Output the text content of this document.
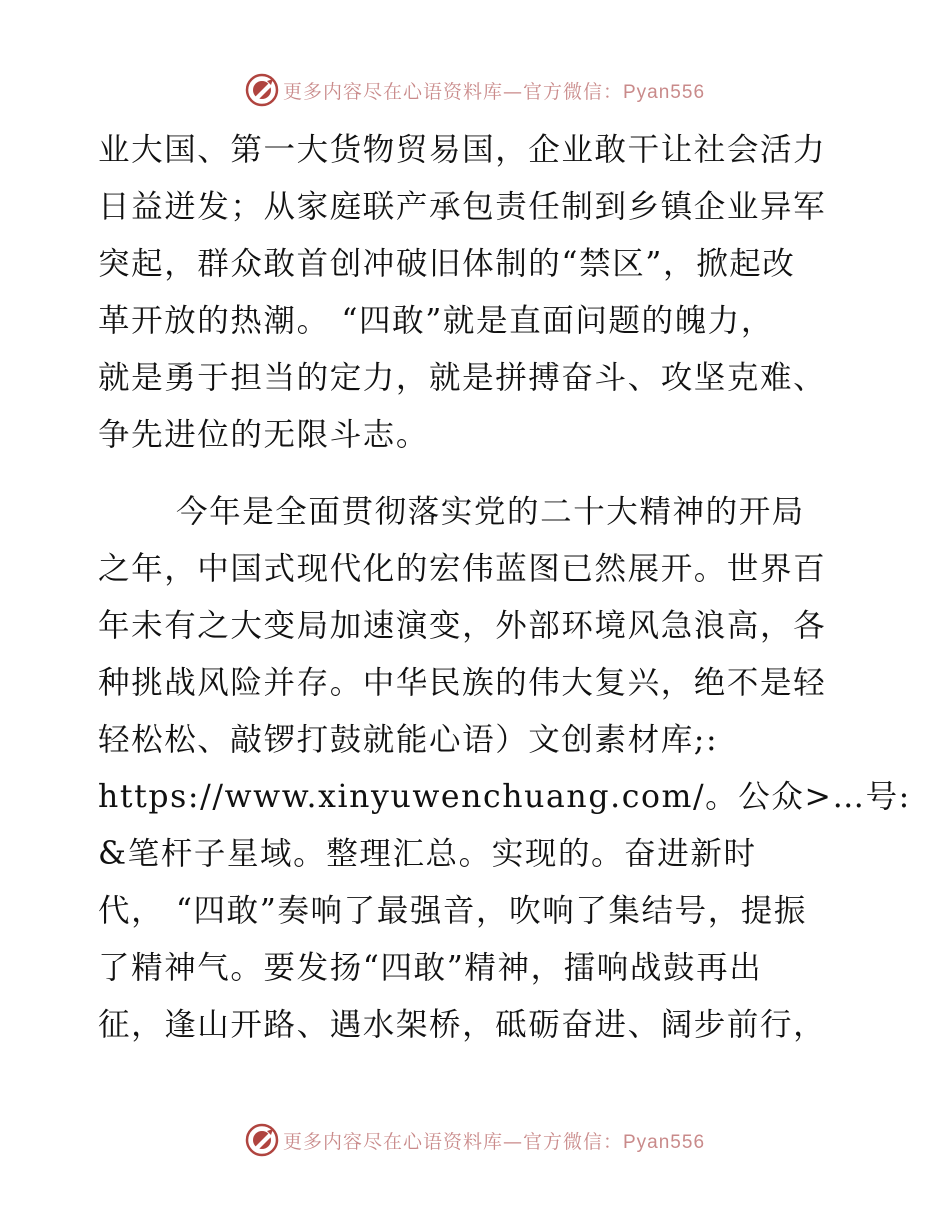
更多内容尽在心语资料库—官方微信：Pyan556
业大国、第一大货物贸易国，企业敢干让社会活力
日益迸发；从家庭联产承包责任制到乡镇企业异军
突起，群众敢首创冲破旧体制的“禁区”，掀起改
革开放的热潮。 “四敢”就是直面问题的魄力，
就是勇于担当的定力，就是拼搏奋斗、攻坚克难、
争先进位的无限斗志。
今年是全面贯彻落实党的二十大精神的开局
之年，中国式现代化的宏伟蓝图已然展开。世界百
年未有之大变局加速演变，外部环境风急浪高，各
种挑战风险并存。中华民族的伟大复兴，绝不是轻
轻松松、敲锣打鼓就能心语）文创素材库;:
https://www.xinyuwenchuang.com/。公众>…号:
&笔杆子星域。整理汇总。实现的。奋进新时
代， “四敢”奏响了最强音，吹响了集结号，提振
了精神气。要发扬“四敢”精神，擂响战鼓再出
征，逢山开路、遇水架桥，砥砺奋进、阔步前行，
更多内容尽在心语资料库—官方微信：Pyan556
